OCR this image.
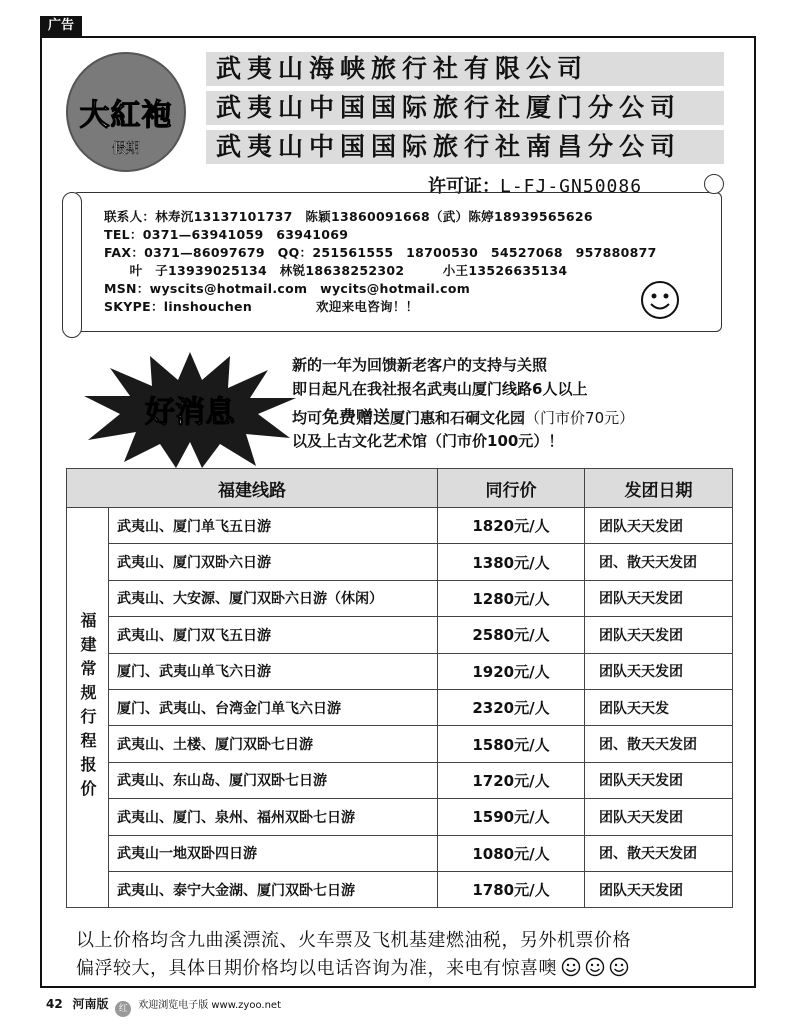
广告
大紅袍
假期
武夷山海峡旅行社有限公司
武夷山中国国际旅行社厦门分公司
武夷山中国国际旅行社南昌分公司
许可证：L-FJ-GN50086
联系人：林寿沉13137101737　陈颖13860091668（武）陈婷18939565626
TEL：0371—63941059　63941069
FAX：0371—86097679　QQ：251561555　18700530　54527068　957880877
　　叶　子13939025134　林锐18638252302　　　小王13526635134
MSN：wyscits@hotmail.com　wycits@hotmail.com
SKYPE：linshouchen　　　　　欢迎来电咨询！！
好消息
新的一年为回馈新老客户的支持与关照
即日起凡在我社报名武夷山厦门线路6人以上
均可免费赠送厦门惠和石硐文化园（门市价70元）
以及上古文化艺术馆（门市价100元）！
福建线路		同行价	发团日期

福建常规行程报价	武夷山、厦门单飞五日游	1820元/人	团队天天发团
	武夷山、厦门双卧六日游	1380元/人	团、散天天发团
	武夷山、大安源、厦门双卧六日游（休闲）	1280元/人	团队天天发团
	武夷山、厦门双飞五日游	2580元/人	团队天天发团
	厦门、武夷山单飞六日游	1920元/人	团队天天发团
	厦门、武夷山、台湾金门单飞六日游	2320元/人	团队天天发
	武夷山、土楼、厦门双卧七日游	1580元/人	团、散天天发团
	武夷山、东山岛、厦门双卧七日游	1720元/人	团队天天发团
	武夷山、厦门、泉州、福州双卧七日游	1590元/人	团队天天发团
	武夷山一地双卧四日游	1080元/人	团、散天天发团
	武夷山、泰宁大金湖、厦门双卧七日游	1780元/人	团队天天发团
以上价格均含九曲溪漂流、火车票及飞机基建燃油税，另外机票价格
偏浮较大，具体日期价格均以电话咨询为准，来电有惊喜噢
42 河南版 红 欢迎浏览电子版 www.zyoo.net
